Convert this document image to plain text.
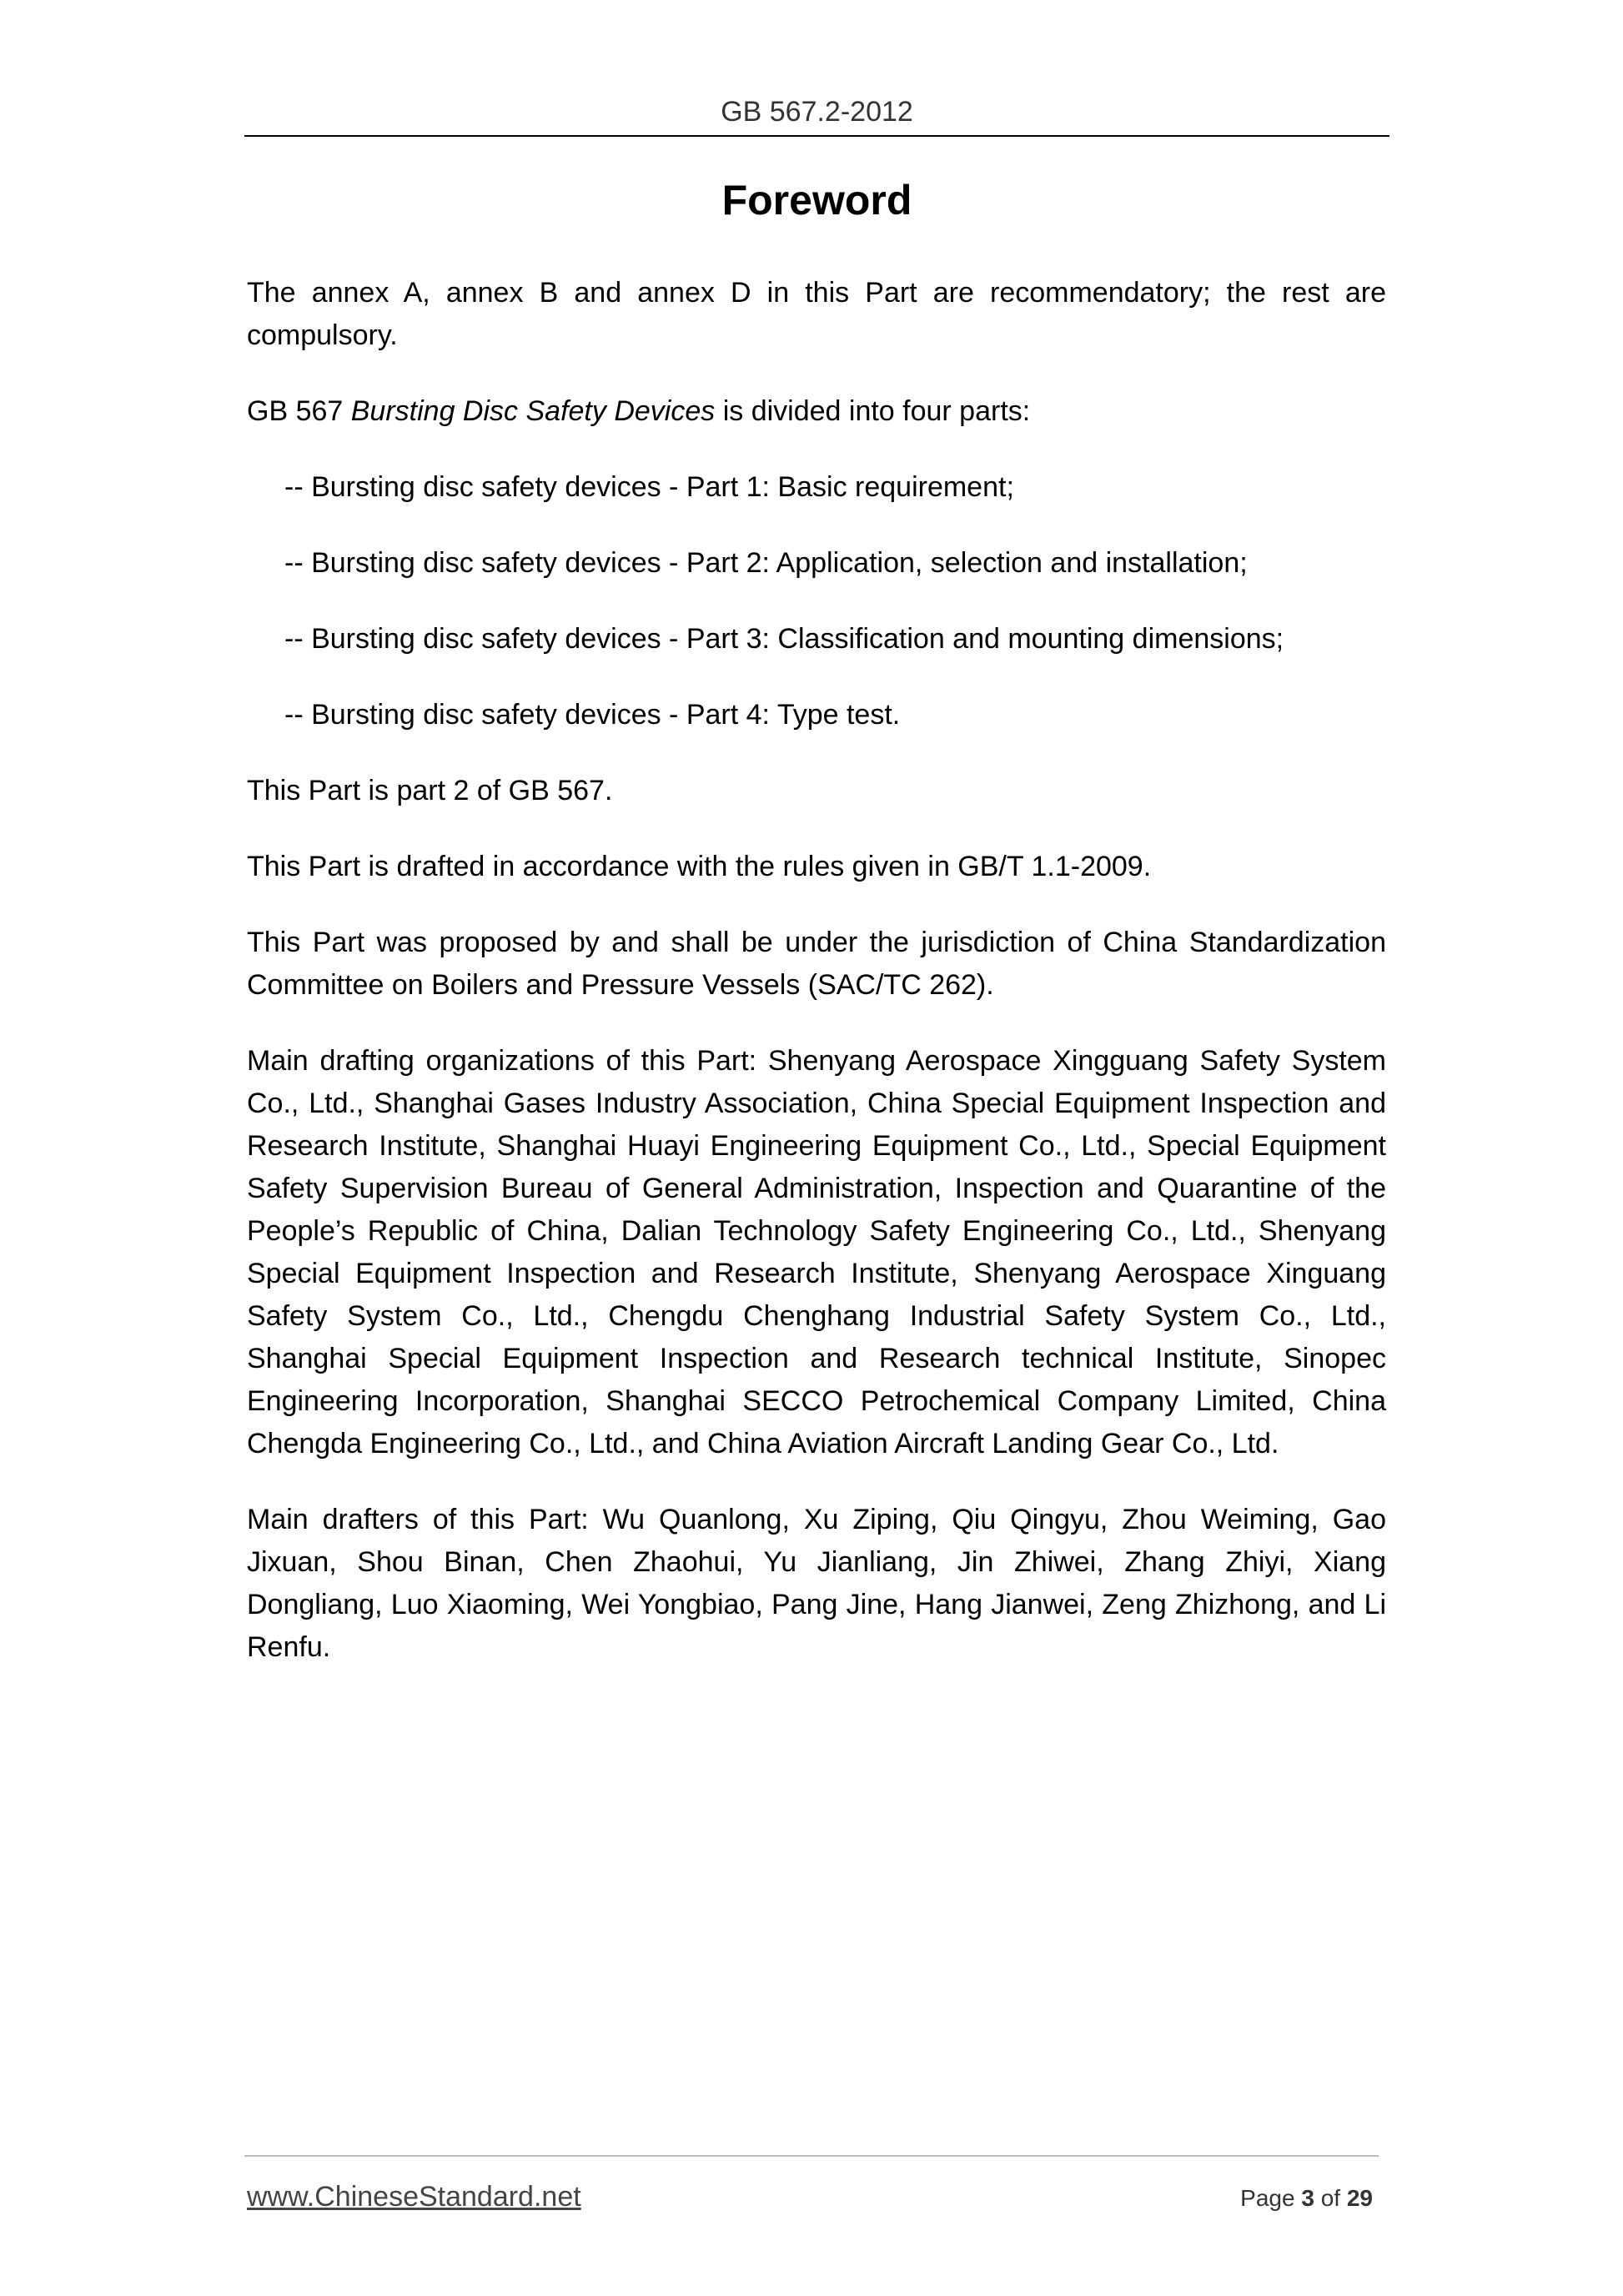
GB 567.2-2012
Foreword

The annex A, annex B and annex D in this Part are recommendatory; the rest are compulsory.

GB 567 Bursting Disc Safety Devices is divided into four parts:

-- Bursting disc safety devices - Part 1: Basic requirement;

-- Bursting disc safety devices - Part 2: Application, selection and installation;

-- Bursting disc safety devices - Part 3: Classification and mounting dimensions;

-- Bursting disc safety devices - Part 4: Type test.

This Part is part 2 of GB 567.

This Part is drafted in accordance with the rules given in GB/T 1.1-2009.

This Part was proposed by and shall be under the jurisdiction of China Standardization Committee on Boilers and Pressure Vessels (SAC/TC 262).

Main drafting organizations of this Part: Shenyang Aerospace Xingguang Safety System Co., Ltd., Shanghai Gases Industry Association, China Special Equipment Inspection and Research Institute, Shanghai Huayi Engineering Equipment Co., Ltd., Special Equipment Safety Supervision Bureau of General Administration, Inspection and Quarantine of the People’s Republic of China, Dalian Technology Safety Engineering Co., Ltd., Shenyang Special Equipment Inspection and Research Institute, Shenyang Aerospace Xinguang Safety System Co., Ltd., Chengdu Chenghang Industrial Safety System Co., Ltd., Shanghai Special Equipment Inspection and Research technical Institute, Sinopec Engineering Incorporation, Shanghai SECCO Petrochemical Company Limited, China Chengda Engineering Co., Ltd., and China Aviation Aircraft Landing Gear Co., Ltd.

Main drafters of this Part: Wu Quanlong, Xu Ziping, Qiu Qingyu, Zhou Weiming, Gao Jixuan, Shou Binan, Chen Zhaohui, Yu Jianliang, Jin Zhiwei, Zhang Zhiyi, Xiang Dongliang, Luo Xiaoming, Wei Yongbiao, Pang Jine, Hang Jianwei, Zeng Zhizhong, and Li Renfu.

www.ChineseStandard.net	Page 3 of 29
